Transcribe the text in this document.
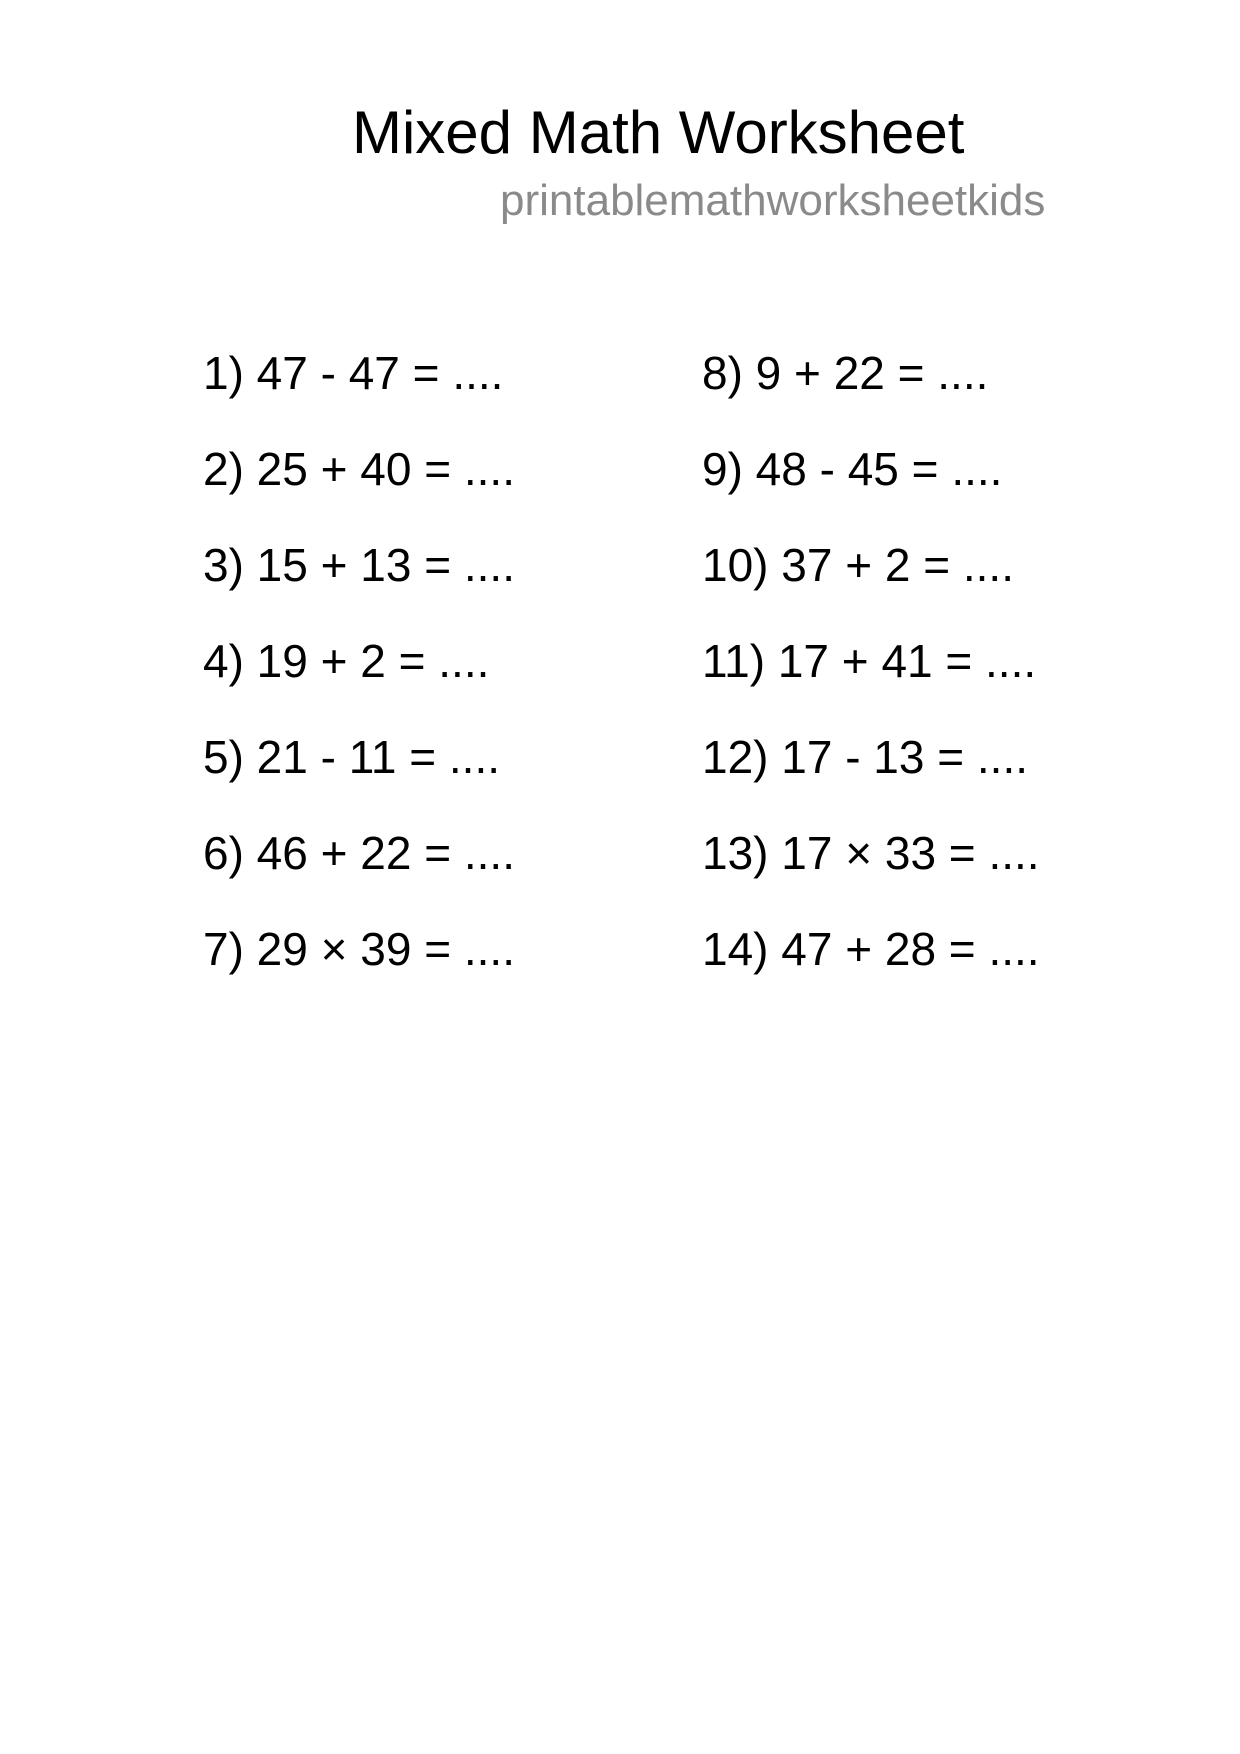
Mixed Math Worksheet
printablemathworksheetkids
1) 47 - 47 = ....
2) 25 + 40 = ....
3) 15 + 13 = ....
4) 19 + 2 = ....
5) 21 - 11 = ....
6) 46 + 22 = ....
7) 29 × 39 = ....
8) 9 + 22 = ....
9) 48 - 45 = ....
10) 37 + 2 = ....
11) 17 + 41 = ....
12) 17 - 13 = ....
13) 17 × 33 = ....
14) 47 + 28 = ....
